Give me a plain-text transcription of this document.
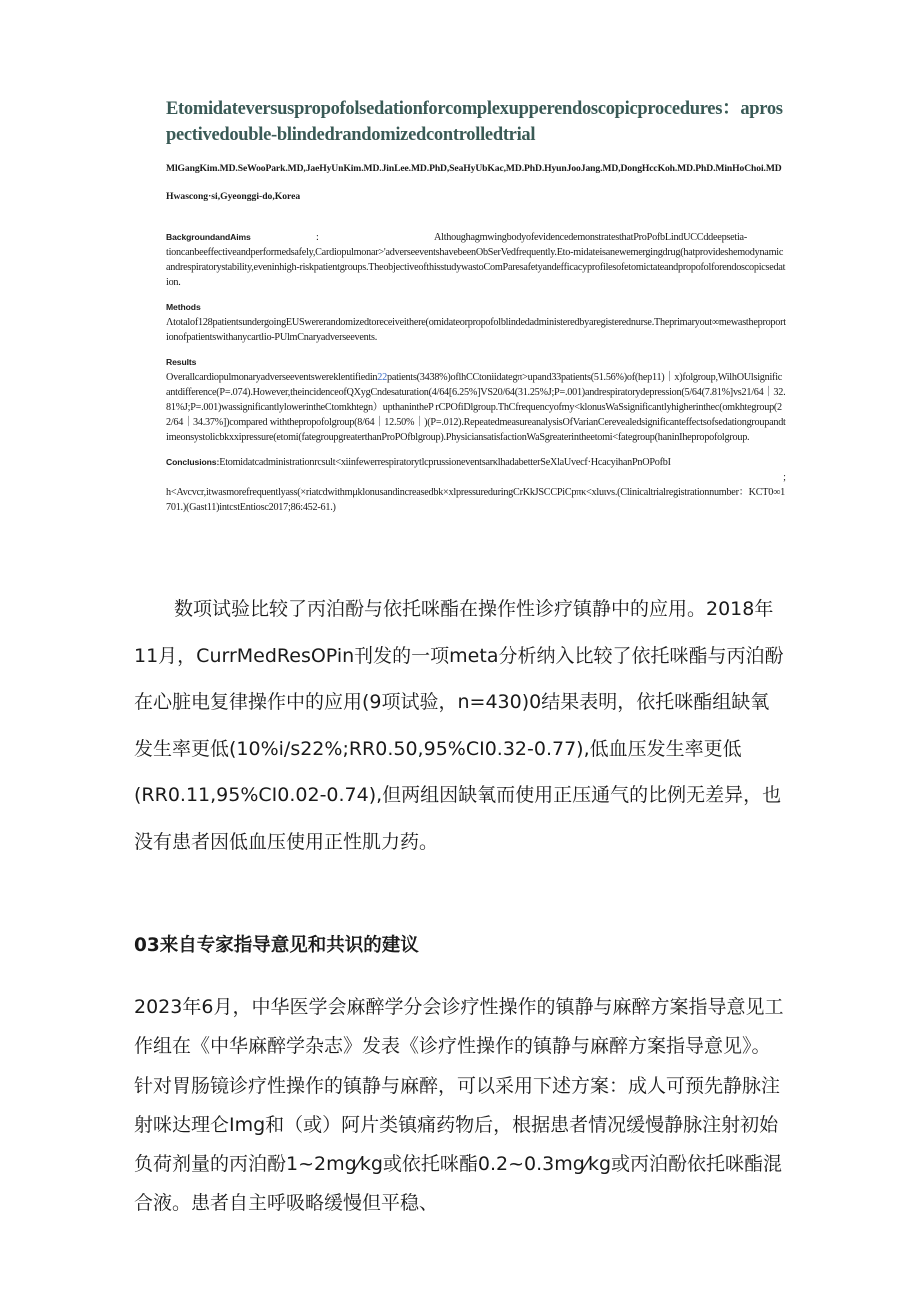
Etomidateversuspropofolsedationforcomplexupperendoscopicprocedures：aprospectivedouble-blindedrandomizedcontrolledtrial
MlGangKim.MD.SeWooPark.MD,JaeHyUnKim.MD.JinLee.MD.PhD,SeaHyUbKac,MD.PhD.HyunJooJang.MD,DongHccKoh.MD.PhD.MinHoChoi.MD
Hwascong·si,Gyeonggi-do,Korea
BackgroundandAims	:	AlthoughagmwingbodyofevidencedemonstratesthatProPofbLindUCCddeepsetia-
tioncanbeeffectiveandperformedsafely,Cardiopulmonar>'adverseeventshavebeenObSerVedfrequently.Eto-midateisanewemergingdrug(hatprovideshemodynamicandrespiratorystability,eveninhigh-riskpatientgroups.TheobjectiveofthisstudywastoComParesafetyandefficacyprofilesofetomictateandpropofolforendoscopicsedation.
Methods
Λtotalof128patientsundergoingEUSwererandomizedtoreceiveithere(omidateorpropofolblindedadministeredbyaregisterednurse.Theprimaryout∞mewastheproportionofpatientswithanycartlio-PUlmCnaryadverseevents.
Results
Overallcardiopulmonaryadverseeventswereklentifiedin22patients(3438%)oflhCCtoniidategπ>upand33patients(51.56%)of(hep11)｜x)folgroup,WilhOUlsignificantdifference(P=.074).However,theincidenceofQXygCndesaturation(4/64[6.25%]VS20/64(31.25%J;P=.001)andrespiratorydepression(5/64(7.81%]vs21/64｜32.81%J;P=.001)wassignificantlylowerintheCtomkhtegn）upthanintheP rCPOfiDlgroup.ThCfrequencyofmy<klonusWaSsignificantlyhigherinthec(omkhtegroup(22/64｜34.37%])compared withthepropofolgroup(8/64｜12.50%｜)(P=.012).RepeatedmeasureanalysisOfVarianCerevealedsignificanteffectsofsedationgroupandtimeonsystolicbkxxipressure(etomi(fategroupgreaterthanProPOfblgroup).PhysiciansatisfactionWaSgreaterintheetomi<fategroup(haninIhepropofolgroup.
Conclusions:Etomidatcadministrationrcsult<xiinfewerrespiratorytlcprussioneventsarκlhadabetterSeXlaUvecf·HcacyihanPnOPofbI
;
h<Avcvcr,itwasmorefrequentlyass(×riatcdwithmμklonusandincreasedbk×xlpressureduringCrKkJSCCPiCpπκ<xluιvs.(Clinicaltrialregistrationnumber：KCT0∞1701.)(Gast11)intcstEntiosc2017;86:452-61.)

数项试验比较了丙泊酚与依托咪酯在操作性诊疗镇静中的应用。2018年11月，CurrMedResOPin刊发的一项meta分析纳入比较了依托咪酯与丙泊酚在心脏电复律操作中的应用(9项试验，n=430)0结果表明，依托咪酯组缺氧发生率更低(10%i/s22%;RR0.50,95%CI0.32-0.77),低血压发生率更低(RR0.11,95%CI0.02-0.74),但两组因缺氧而使用正压通气的比例无差异，也没有患者因低血压使用正性肌力药。

03来自专家指导意见和共识的建议

2023年6月，中华医学会麻醉学分会诊疗性操作的镇静与麻醉方案指导意见工作组在《中华麻醉学杂志》发表《诊疗性操作的镇静与麻醉方案指导意见》。针对胃肠镜诊疗性操作的镇静与麻醉，可以采用下述方案：成人可预先静脉注射咪达理仑Img和（或）阿片类镇痛药物后，根据患者情况缓慢静脉注射初始负荷剂量的丙泊酚1~2mg⁄kg或依托咪酯0.2~0.3mg⁄kg或丙泊酚依托咪酯混合液。患者自主呼吸略缓慢但平稳、
